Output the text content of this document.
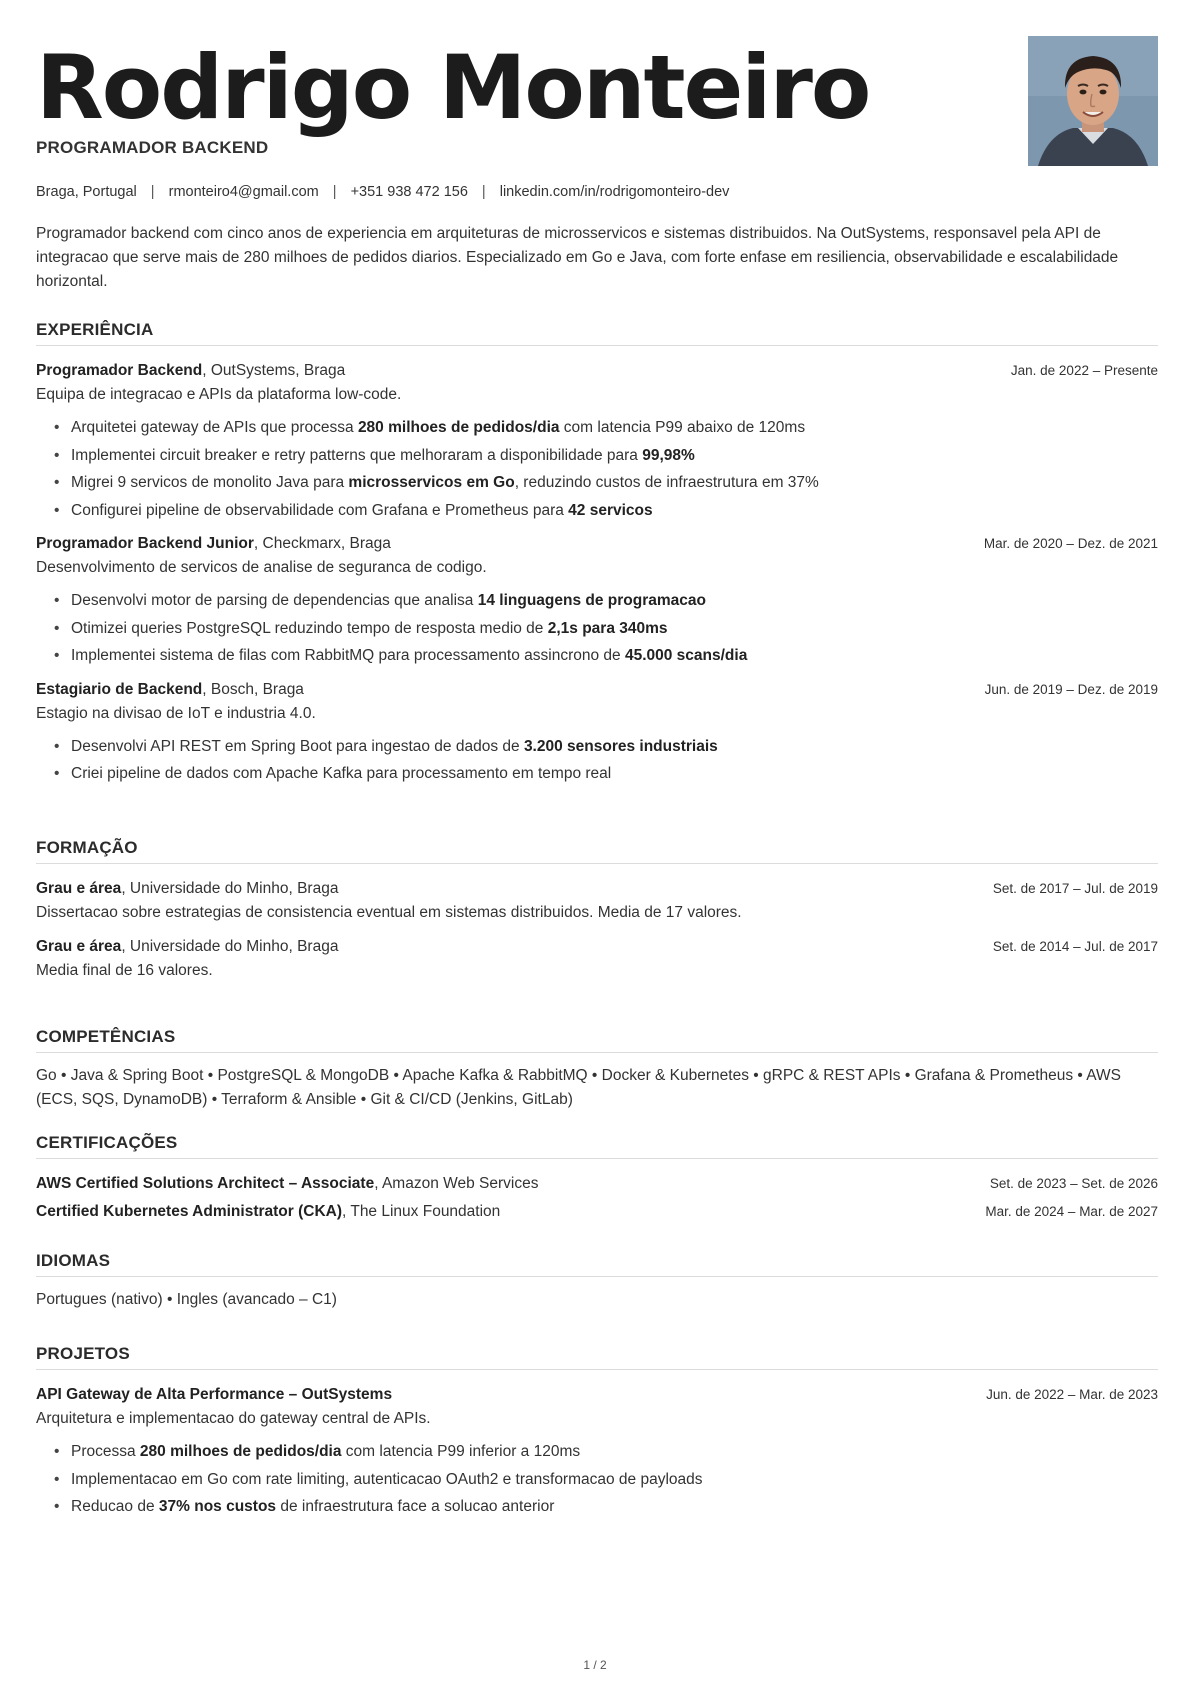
Rodrigo Monteiro
PROGRAMADOR BACKEND
Braga, Portugal | rmonteiro4@gmail.com | +351 938 472 156 | linkedin.com/in/rodrigomonteiro-dev
Programador backend com cinco anos de experiencia em arquiteturas de microsservicos e sistemas distribuidos. Na OutSystems, responsavel pela API de integracao que serve mais de 280 milhoes de pedidos diarios. Especializado em Go e Java, com forte enfase em resiliencia, observabilidade e escalabilidade horizontal.
EXPERIÊNCIA
Programador Backend, OutSystems, Braga	Jan. de 2022 – Presente
Equipa de integracao e APIs da plataforma low-code.
• Arquitetei gateway de APIs que processa 280 milhoes de pedidos/dia com latencia P99 abaixo de 120ms
• Implementei circuit breaker e retry patterns que melhoraram a disponibilidade para 99,98%
• Migrei 9 servicos de monolito Java para microsservicos em Go, reduzindo custos de infraestrutura em 37%
• Configurei pipeline de observabilidade com Grafana e Prometheus para 42 servicos
Programador Backend Junior, Checkmarx, Braga	Mar. de 2020 – Dez. de 2021
Desenvolvimento de servicos de analise de seguranca de codigo.
• Desenvolvi motor de parsing de dependencias que analisa 14 linguagens de programacao
• Otimizei queries PostgreSQL reduzindo tempo de resposta medio de 2,1s para 340ms
• Implementei sistema de filas com RabbitMQ para processamento assincrono de 45.000 scans/dia
Estagiario de Backend, Bosch, Braga	Jun. de 2019 – Dez. de 2019
Estagio na divisao de IoT e industria 4.0.
• Desenvolvi API REST em Spring Boot para ingestao de dados de 3.200 sensores industriais
• Criei pipeline de dados com Apache Kafka para processamento em tempo real
FORMAÇÃO
Grau e área, Universidade do Minho, Braga	Set. de 2017 – Jul. de 2019
Dissertacao sobre estrategias de consistencia eventual em sistemas distribuidos. Media de 17 valores.
Grau e área, Universidade do Minho, Braga	Set. de 2014 – Jul. de 2017
Media final de 16 valores.
COMPETÊNCIAS
Go • Java & Spring Boot • PostgreSQL & MongoDB • Apache Kafka & RabbitMQ • Docker & Kubernetes • gRPC & REST APIs • Grafana & Prometheus • AWS (ECS, SQS, DynamoDB) • Terraform & Ansible • Git & CI/CD (Jenkins, GitLab)
CERTIFICAÇÕES
AWS Certified Solutions Architect – Associate, Amazon Web Services	Set. de 2023 – Set. de 2026
Certified Kubernetes Administrator (CKA), The Linux Foundation	Mar. de 2024 – Mar. de 2027
IDIOMAS
Portugues (nativo) • Ingles (avancado – C1)
PROJETOS
API Gateway de Alta Performance – OutSystems	Jun. de 2022 – Mar. de 2023
Arquitetura e implementacao do gateway central de APIs.
• Processa 280 milhoes de pedidos/dia com latencia P99 inferior a 120ms
• Implementacao em Go com rate limiting, autenticacao OAuth2 e transformacao de payloads
• Reducao de 37% nos custos de infraestrutura face a solucao anterior
1 / 2
